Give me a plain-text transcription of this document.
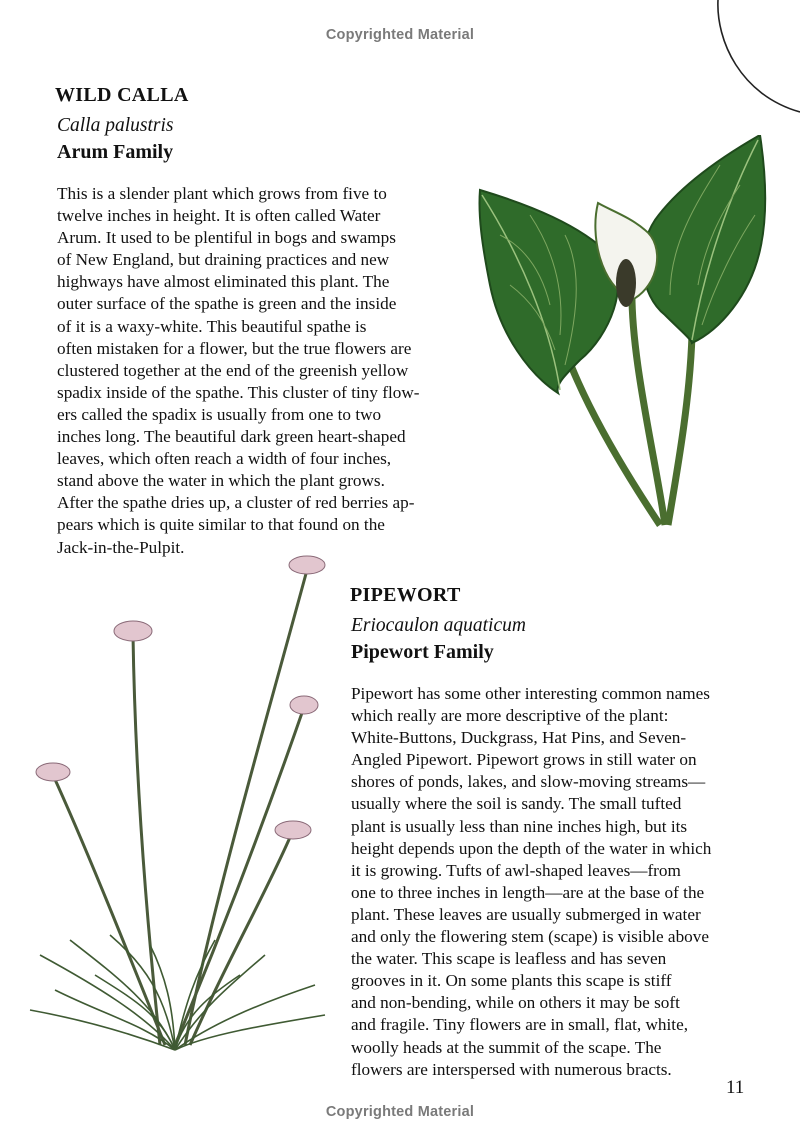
Copyrighted Material
WILD CALLA

Calla palustris

Arum Family

This is a slender plant which grows from five to
twelve inches in height. It is often called Water
Arum. It used to be plentiful in bogs and swamps
of New England, but draining practices and new
highways have almost eliminated this plant. The
outer surface of the spathe is green and the inside
of it is a waxy-white. This beautiful spathe is
often mistaken for a flower, but the true flowers are
clustered together at the end of the greenish yellow
spadix inside of the spathe. This cluster of tiny flow-
ers called the spadix is usually from one to two
inches long. The beautiful dark green heart-shaped
leaves, which often reach a width of four inches,
stand above the water in which the plant grows.
After the spathe dries up, a cluster of red berries ap-
pears which is quite similar to that found on the
Jack-in-the-Pulpit.

PIPEWORT

Eriocaulon aquaticum

Pipewort Family

Pipewort has some other interesting common names
which really are more descriptive of the plant:
White-Buttons, Duckgrass, Hat Pins, and Seven-
Angled Pipewort. Pipewort grows in still water on
shores of ponds, lakes, and slow-moving streams—
usually where the soil is sandy. The small tufted
plant is usually less than nine inches high, but its
height depends upon the depth of the water in which
it is growing. Tufts of awl-shaped leaves—from
one to three inches in length—are at the base of the
plant. These leaves are usually submerged in water
and only the flowering stem (scape) is visible above
the water. This scape is leafless and has seven
grooves in it. On some plants this scape is stiff
and non-bending, while on others it may be soft
and fragile. Tiny flowers are in small, flat, white,
woolly heads at the summit of the scape. The
flowers are interspersed with numerous bracts.

11
Copyrighted Material
